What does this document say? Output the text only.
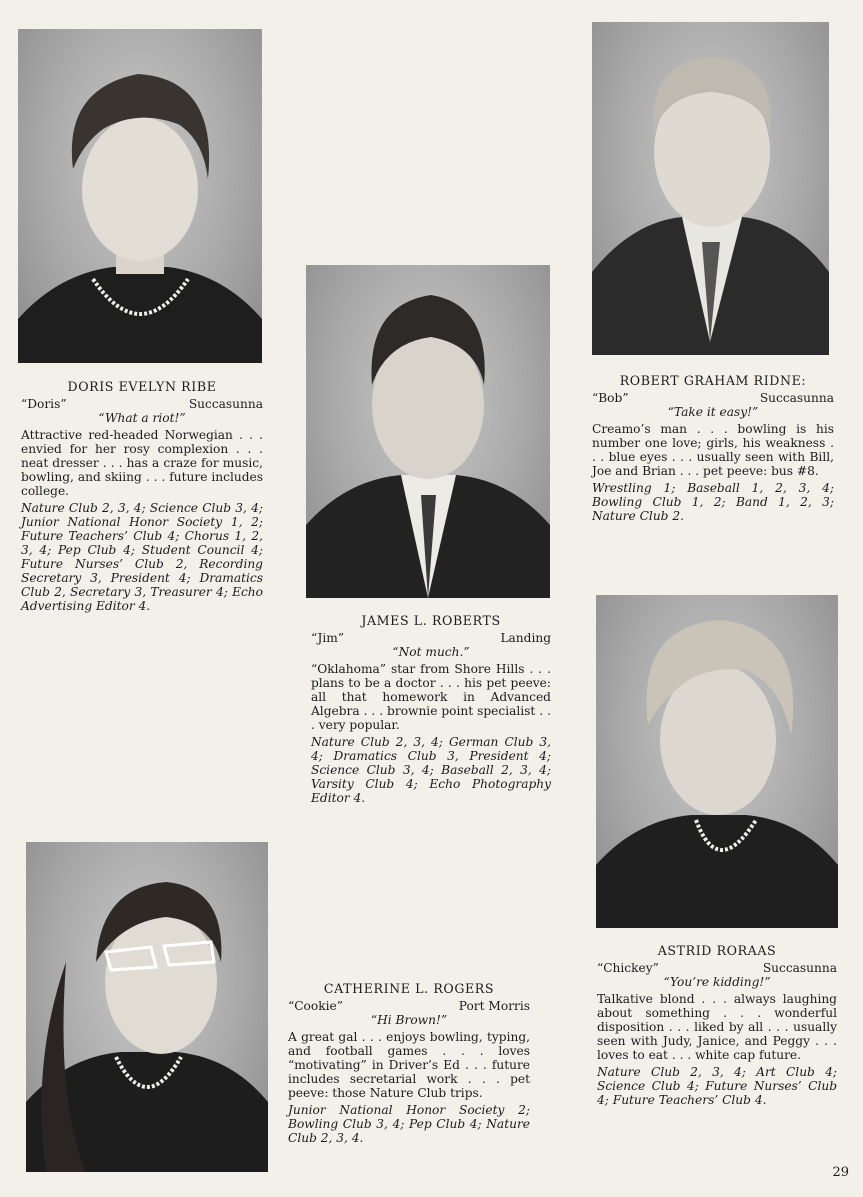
DORIS EVELYN RIBE
“Doris”	Succasunna
“What a riot!”
Attractive red-headed Norwegian . . . envied for her rosy complexion . . . neat dresser . . . has a craze for music, bowling, and skiing . . . future includes college.
Nature Club 2, 3, 4; Science Club 3, 4; Junior National Honor Society 1, 2; Future Teachers’ Club 4; Chorus 1, 2, 3, 4; Pep Club 4; Student Council 4; Future Nurses’ Club 2, Recording Secretary 3, President 4; Dramatics Club 2, Secretary 3, Treasurer 4; Echo Advertising Editor 4.
ROBERT GRAHAM RIDNE:
“Bob”	Succasunna
“Take it easy!”
Creamo’s man . . . bowling is his number one love; girls, his weakness . . . blue eyes . . . usually seen with Bill, Joe and Brian . . . pet peeve: bus #8.
Wrestling 1; Baseball 1, 2, 3, 4; Bowling Club 1, 2; Band 1, 2, 3; Nature Club 2.
JAMES L. ROBERTS
“Jim”	Landing
“Not much.”
“Oklahoma” star from Shore Hills . . . plans to be a doctor . . . his pet peeve: all that homework in Advanced Algebra . . . brownie point specialist . . . very popular.
Nature Club 2, 3, 4; German Club 3, 4; Dramatics Club 3, President 4; Science Club 3, 4; Baseball 2, 3, 4; Varsity Club 4; Echo Photography Editor 4.
ASTRID RORAAS
“Chickey”	Succasunna
“You’re kidding!”
Talkative blond . . . always laughing about something . . . wonderful disposition . . . liked by all . . . usually seen with Judy, Janice, and Peggy . . . loves to eat . . . white cap future.
Nature Club 2, 3, 4; Art Club 4; Science Club 4; Future Nurses’ Club 4; Future Teachers’ Club 4.
CATHERINE L. ROGERS
“Cookie”	Port Morris
“Hi Brown!”
A great gal . . . enjoys bowling, typing, and football games . . . loves “motivating” in Driver’s Ed . . . future includes secretarial work . . . pet peeve: those Nature Club trips.
Junior National Honor Society 2; Bowling Club 3, 4; Pep Club 4; Nature Club 2, 3, 4.
29
